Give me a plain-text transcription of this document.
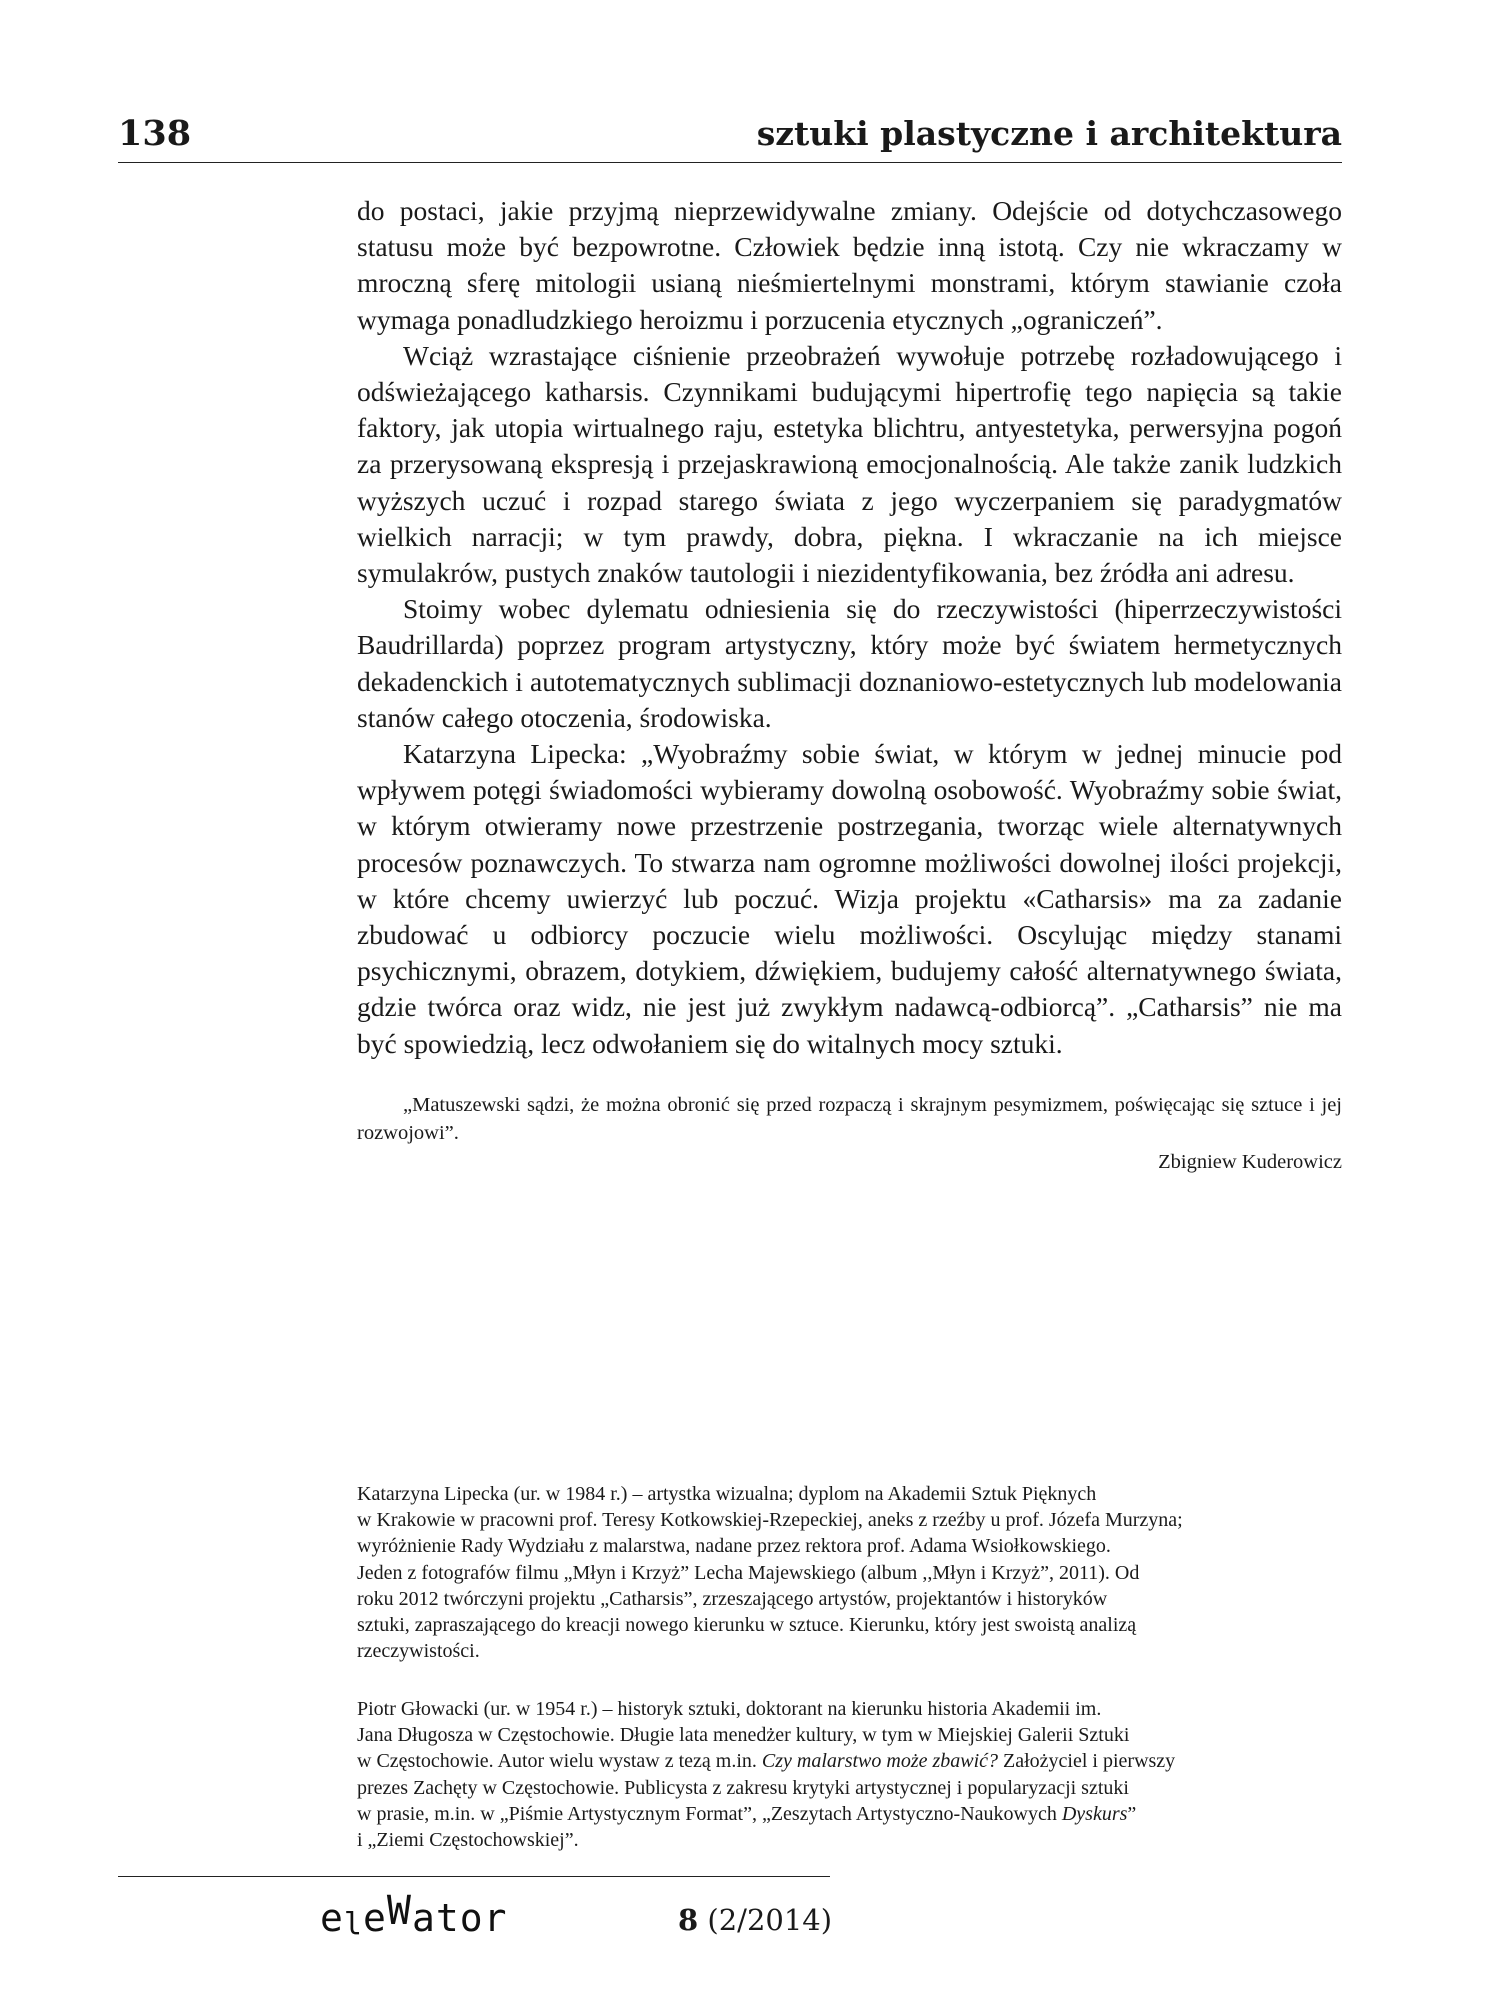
138	sztuki plastyczne i architektura

do postaci, jakie przyjmą nieprzewidywalne zmiany. Odejście od dotychczasowego statusu może być bezpowrotne. Człowiek będzie inną istotą. Czy nie wkraczamy w mroczną sferę mitologii usianą nieśmiertelnymi monstrami, którym stawianie czoła wymaga ponadludzkiego heroizmu i porzucenia etycznych „ograniczeń”.

Wciąż wzrastające ciśnienie przeobrażeń wywołuje potrzebę rozładowującego i odświeżającego katharsis. Czynnikami budującymi hipertrofię tego napięcia są takie faktory, jak utopia wirtualnego raju, estetyka blichtru, antyestetyka, perwersyjna pogoń za przerysowaną ekspresją i przejaskrawioną emocjonalnością. Ale także zanik ludzkich wyższych uczuć i rozpad starego świata z jego wyczerpaniem się paradygmatów wielkich narracji; w tym prawdy, dobra, piękna. I wkraczanie na ich miejsce symulakrów, pustych znaków tautologii i niezidentyfikowania, bez źródła ani adresu.

Stoimy wobec dylematu odniesienia się do rzeczywistości (hiperrzeczywistości Baudrillarda) poprzez program artystyczny, który może być światem hermetycznych dekadenckich i autotematycznych sublimacji doznaniowo-estetycznych lub modelowania stanów całego otoczenia, środowiska.

Katarzyna Lipecka: „Wyobraźmy sobie świat, w którym w jednej minucie pod wpływem potęgi świadomości wybieramy dowolną osobowość. Wyobraźmy sobie świat, w którym otwieramy nowe przestrzenie postrzegania, tworząc wiele alternatywnych procesów poznawczych. To stwarza nam ogromne możliwości dowolnej ilości projekcji, w które chcemy uwierzyć lub poczuć. Wizja projektu «Catharsis» ma za zadanie zbudować u odbiorcy poczucie wielu możliwości. Oscylując między stanami psychicznymi, obrazem, dotykiem, dźwiękiem, budujemy całość alternatywnego świata, gdzie twórca oraz widz, nie jest już zwykłym nadawcą-odbiorcą”. „Catharsis” nie ma być spowiedzią, lecz odwołaniem się do witalnych mocy sztuki.

„Matuszewski sądzi, że można obronić się przed rozpaczą i skrajnym pesymizmem, poświęcając się sztuce i jej rozwojowi”.

Zbigniew Kuderowicz

Katarzyna Lipecka (ur. w 1984 r.) – artystka wizualna; dyplom na Akademii Sztuk Pięknych

w Krakowie w pracowni prof. Teresy Kotkowskiej-Rzepeckiej, aneks z rzeźby u prof. Józefa Murzyna;

wyróżnienie Rady Wydziału z malarstwa, nadane przez rektora prof. Adama Wsiołkowskiego.

Jeden z fotografów filmu „Młyn i Krzyż” Lecha Majewskiego (album ,,Młyn i Krzyż”, 2011). Od

roku 2012 twórczyni projektu „Catharsis”, zrzeszającego artystów, projektantów i historyków

sztuki, zapraszającego do kreacji nowego kierunku w sztuce. Kierunku, który jest swoistą analizą

rzeczywistości.

Piotr Głowacki (ur. w 1954 r.) – historyk sztuki, doktorant na kierunku historia Akademii im.

Jana Długosza w Częstochowie. Długie lata menedżer kultury, w tym w Miejskiej Galerii Sztuki

w Częstochowie. Autor wielu wystaw z tezą m.in. Czy malarstwo może zbawić? Założyciel i pierwszy

prezes Zachęty w Częstochowie. Publicysta z zakresu krytyki artystycznej i popularyzacji sztuki

w prasie, m.in. w „Piśmie Artystycznym Format”, „Zeszytach Artystyczno-Naukowych Dyskurs”

i „Ziemi Częstochowskiej”.

eleWator	8 (2/2014)
